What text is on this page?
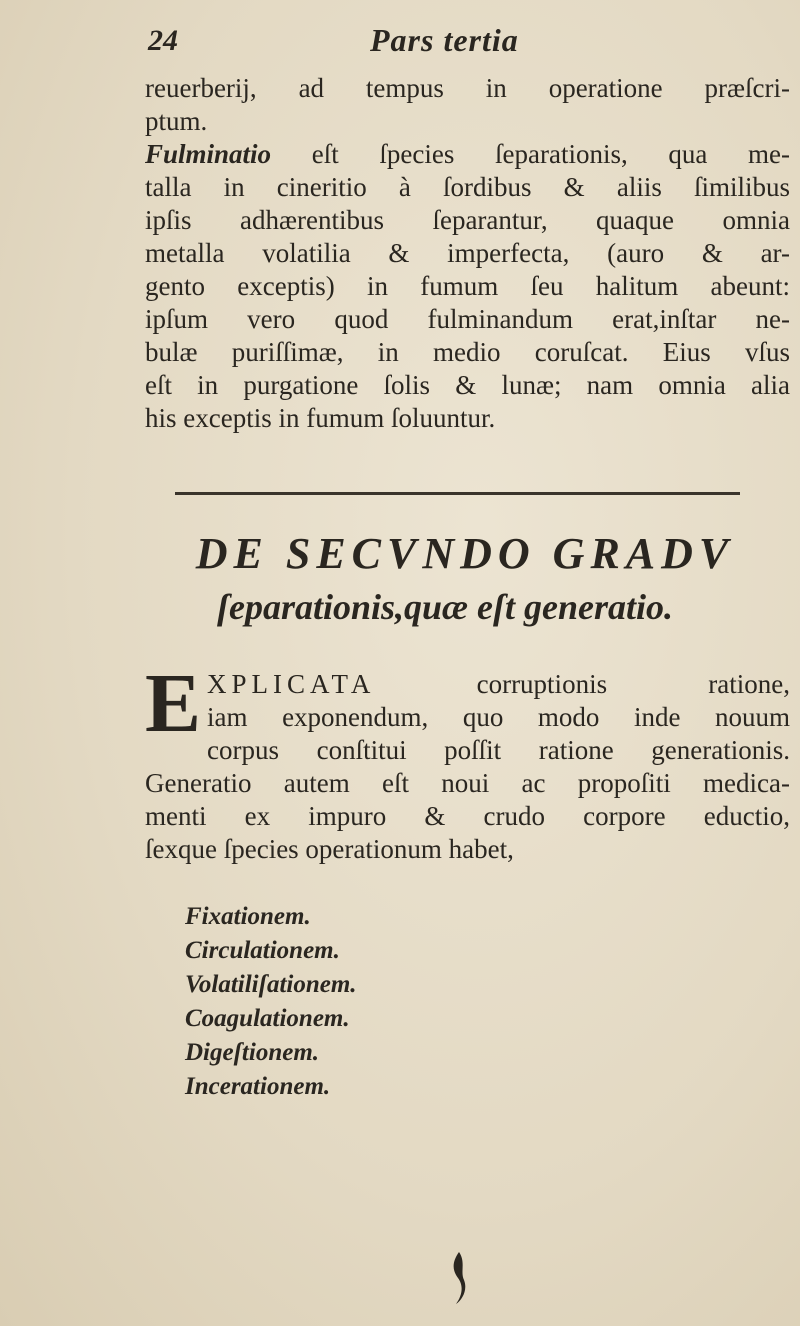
24	Pars tertia
reuerberij, ad tempus in operatione præſcri-
ptum.
Fulminatio eſt ſpecies ſeparationis, qua me-
talla in cineritio à ſordibus & aliis ſimilibus
ipſis adhærentibus ſeparantur, quaque omnia
metalla volatilia & imperfecta, (auro & ar-
gento exceptis) in fumum ſeu halitum abeunt:
ipſum vero quod fulminandum erat,inſtar ne-
bulæ puriſſimæ, in medio coruſcat. Eius vſus
eſt in purgatione ſolis & lunæ; nam omnia alia
his exceptis in fumum ſoluuntur.
DE SECVNDO GRADV
ſeparationis,quæ eſt generatio.
E XPLICATA	corruptionis ratione,
iam exponendum, quo modo inde nouum
corpus conſtitui poſſit ratione generationis.
Generatio autem eſt noui ac propoſiti medica-
menti ex impuro & crudo corpore eductio,
ſexque ſpecies operationum habet,
Fixationem.
Circulationem.
Volatiliſationem.
Coagulationem.
Digeſtionem.
Incerationem.
